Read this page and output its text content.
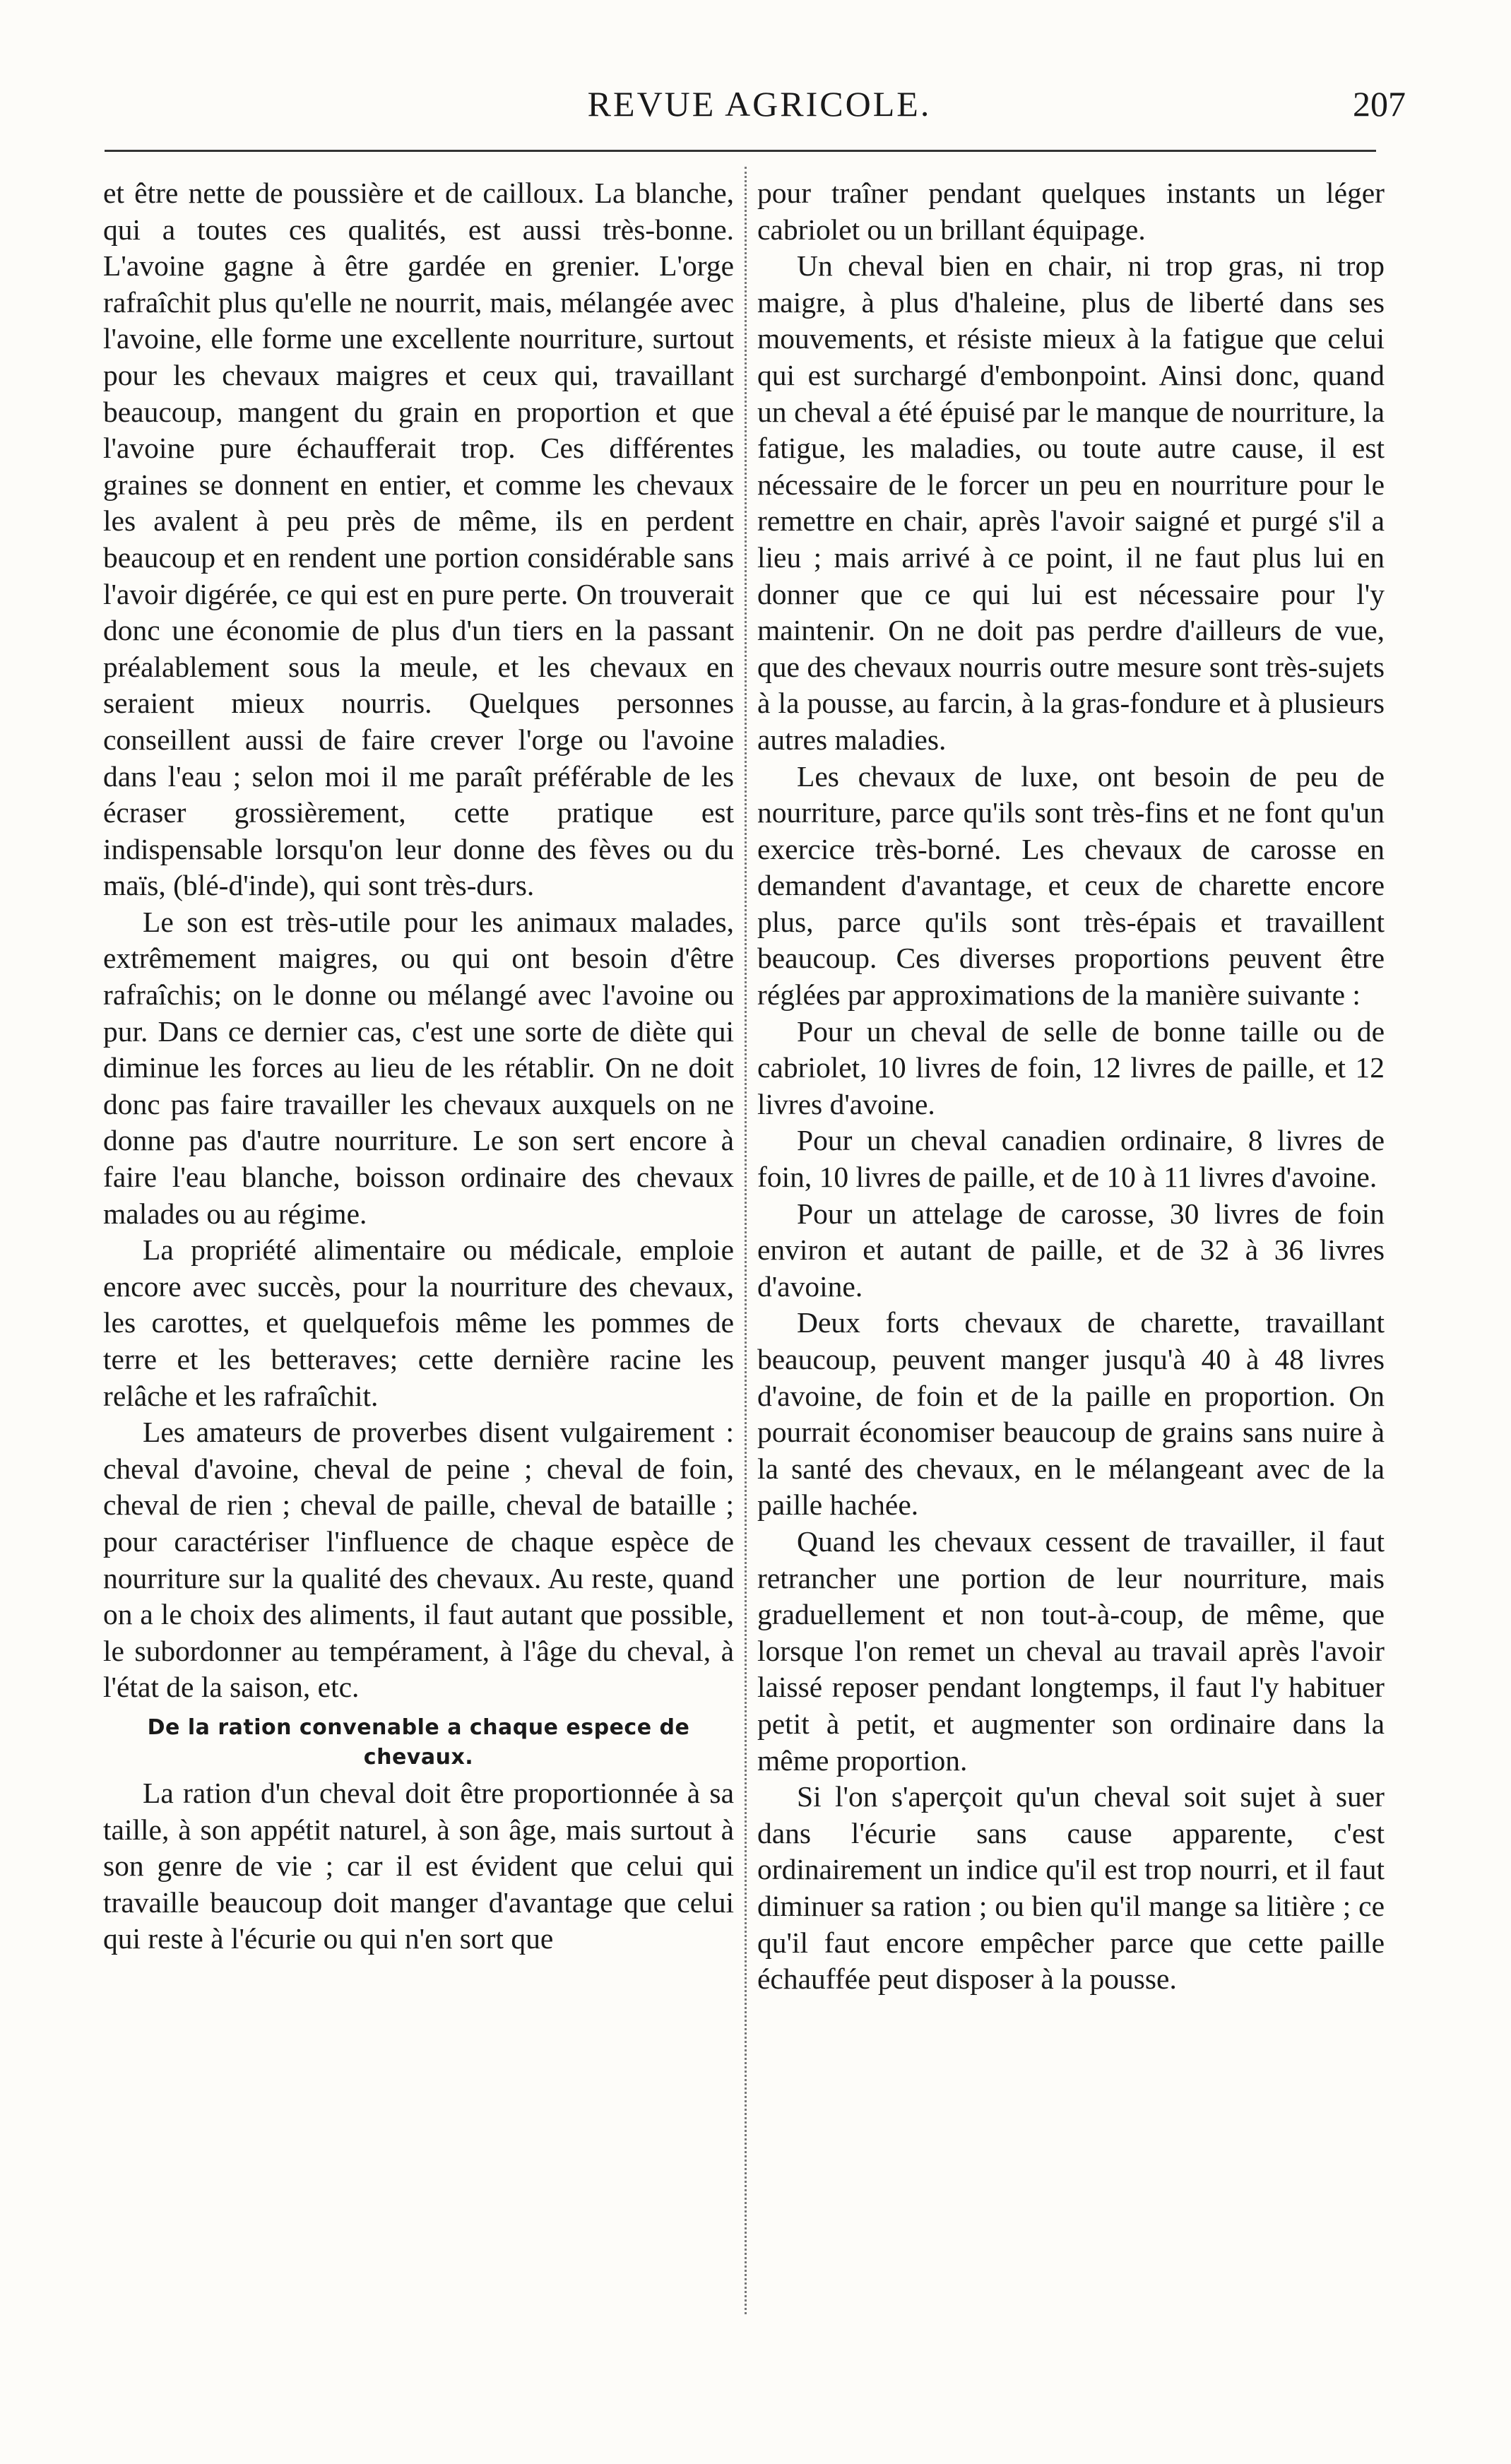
REVUE AGRICOLE.	207

et être nette de poussière et de cailloux. La blanche, qui a toutes ces qualités, est aussi très-bonne. L'avoine gagne à être gardée en grenier. L'orge rafraîchit plus qu'elle ne nourrit, mais, mélangée avec l'avoine, elle forme une excellente nourriture, surtout pour les chevaux maigres et ceux qui, travaillant beaucoup, mangent du grain en proportion et que l'avoine pure échaufferait trop. Ces différentes graines se donnent en entier, et comme les chevaux les avalent à peu près de même, ils en perdent beaucoup et en rendent une portion considérable sans l'avoir digérée, ce qui est en pure perte. On trouverait donc une économie de plus d'un tiers en la passant préalablement sous la meule, et les chevaux en seraient mieux nourris. Quelques personnes conseillent aussi de faire crever l'orge ou l'avoine dans l'eau ; selon moi il me paraît préférable de les écraser grossièrement, cette pratique est indispensable lorsqu'on leur donne des fèves ou du maïs, (blé-d'inde), qui sont très-durs.

Le son est très-utile pour les animaux malades, extrêmement maigres, ou qui ont besoin d'être rafraîchis; on le donne ou mélangé avec l'avoine ou pur. Dans ce dernier cas, c'est une sorte de diète qui diminue les forces au lieu de les rétablir. On ne doit donc pas faire travailler les chevaux auxquels on ne donne pas d'autre nourriture. Le son sert encore à faire l'eau blanche, boisson ordinaire des chevaux malades ou au régime.

La propriété alimentaire ou médicale, emploie encore avec succès, pour la nourriture des chevaux, les carottes, et quelquefois même les pommes de terre et les betteraves; cette dernière racine les relâche et les rafraîchit.

Les amateurs de proverbes disent vulgairement : cheval d'avoine, cheval de peine ; cheval de foin, cheval de rien ; cheval de paille, cheval de bataille ; pour caractériser l'influence de chaque espèce de nourriture sur la qualité des chevaux. Au reste, quand on a le choix des aliments, il faut autant que possible, le subordonner au tempérament, à l'âge du cheval, à l'état de la saison, etc.

De la ration convenable a chaque espece de chevaux.

La ration d'un cheval doit être proportionnée à sa taille, à son appétit naturel, à son âge, mais surtout à son genre de vie ; car il est évident que celui qui travaille beaucoup doit manger d'avantage que celui qui reste à l'écurie ou qui n'en sort que

pour traîner pendant quelques instants un léger cabriolet ou un brillant équipage.

Un cheval bien en chair, ni trop gras, ni trop maigre, à plus d'haleine, plus de liberté dans ses mouvements, et résiste mieux à la fatigue que celui qui est surchargé d'embonpoint. Ainsi donc, quand un cheval a été épuisé par le manque de nourriture, la fatigue, les maladies, ou toute autre cause, il est nécessaire de le forcer un peu en nourriture pour le remettre en chair, après l'avoir saigné et purgé s'il a lieu ; mais arrivé à ce point, il ne faut plus lui en donner que ce qui lui est nécessaire pour l'y maintenir. On ne doit pas perdre d'ailleurs de vue, que des chevaux nourris outre mesure sont très-sujets à la pousse, au farcin, à la gras-fondure et à plusieurs autres maladies.

Les chevaux de luxe, ont besoin de peu de nourriture, parce qu'ils sont très-fins et ne font qu'un exercice très-borné. Les chevaux de carosse en demandent d'avantage, et ceux de charette encore plus, parce qu'ils sont très-épais et travaillent beaucoup. Ces diverses proportions peuvent être réglées par approximations de la manière suivante :

Pour un cheval de selle de bonne taille ou de cabriolet, 10 livres de foin, 12 livres de paille, et 12 livres d'avoine.

Pour un cheval canadien ordinaire, 8 livres de foin, 10 livres de paille, et de 10 à 11 livres d'avoine.

Pour un attelage de carosse, 30 livres de foin environ et autant de paille, et de 32 à 36 livres d'avoine.

Deux forts chevaux de charette, travaillant beaucoup, peuvent manger jusqu'à 40 à 48 livres d'avoine, de foin et de la paille en proportion. On pourrait économiser beaucoup de grains sans nuire à la santé des chevaux, en le mélangeant avec de la paille hachée.

Quand les chevaux cessent de travailler, il faut retrancher une portion de leur nourriture, mais graduellement et non tout-à-coup, de même, que lorsque l'on remet un cheval au travail après l'avoir laissé reposer pendant longtemps, il faut l'y habituer petit à petit, et augmenter son ordinaire dans la même proportion.

Si l'on s'aperçoit qu'un cheval soit sujet à suer dans l'écurie sans cause apparente, c'est ordinairement un indice qu'il est trop nourri, et il faut diminuer sa ration ; ou bien qu'il mange sa litière ; ce qu'il faut encore empêcher parce que cette paille échauffée peut disposer à la pousse.
